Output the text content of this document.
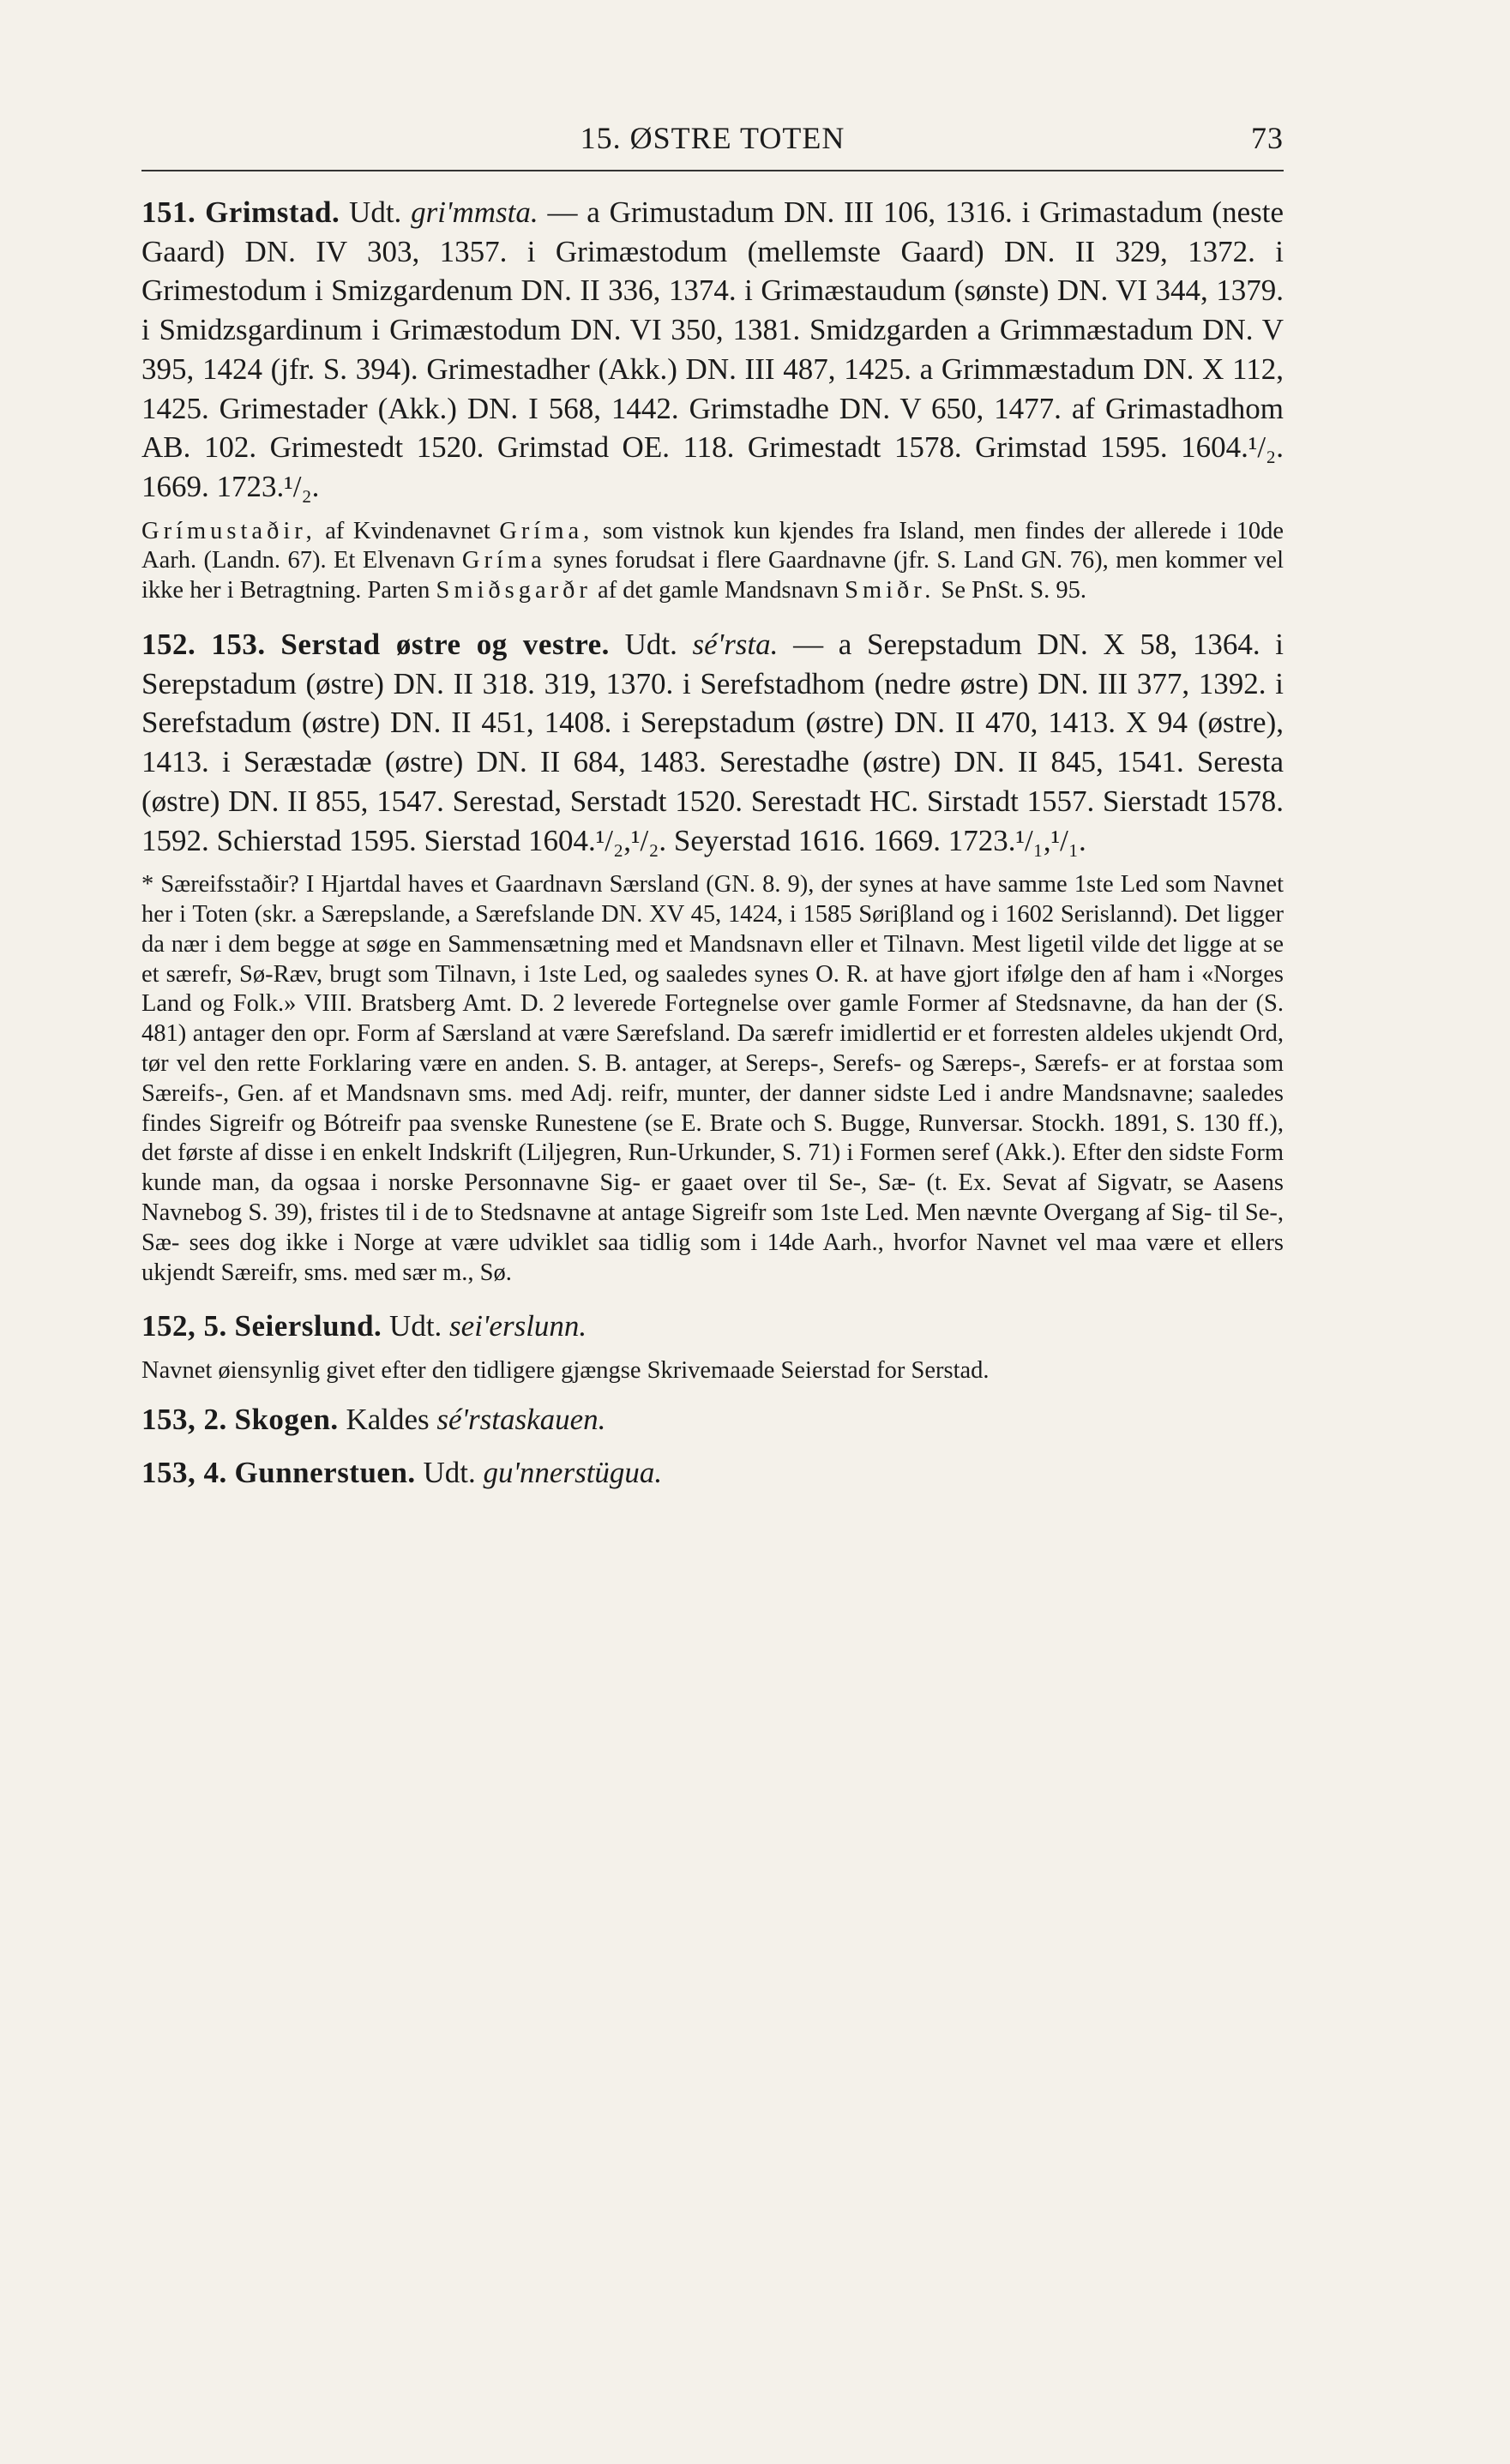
15. ØSTRE TOTEN	73

151. Grimstad. Udt. gri'mmsta. — a Grimustadum DN. III 106, 1316. i Grimastadum (neste Gaard) DN. IV 303, 1357. i Grimæstodum (mellemste Gaard) DN. II 329, 1372. i Grimestodum i Smizgardenum DN. II 336, 1374. i Grimæstaudum (sønste) DN. VI 344, 1379. i Smidzsgardinum i Grimæstodum DN. VI 350, 1381. Smidzgarden a Grimmæstadum DN. V 395, 1424 (jfr. S. 394). Grimestadher (Akk.) DN. III 487, 1425. a Grimmæstadum DN. X 112, 1425. Grimestader (Akk.) DN. I 568, 1442. Grimstadhe DN. V 650, 1477. af Grimastadhom AB. 102. Grimestedt 1520. Grimstad OE. 118. Grimestadt 1578. Grimstad 1595. 1604.¹/₂. 1669. 1723.¹/₂.

Grímustaðir, af Kvindenavnet Gríma, som vistnok kun kjendes fra Island, men findes der allerede i 10de Aarh. (Landn. 67). Et Elvenavn Gríma synes forudsat i flere Gaardnavne (jfr. S. Land GN. 76), men kommer vel ikke her i Betragtning. Parten Smiðsgarðr af det gamle Mandsnavn Smiðr. Se PnSt. S. 95.

152. 153. Serstad østre og vestre. Udt. sé'rsta. — a Serepstadum DN. X 58, 1364. i Serepstadum (østre) DN. II 318. 319, 1370. i Serefstadhom (nedre østre) DN. III 377, 1392. i Serefstadum (østre) DN. II 451, 1408. i Serepstadum (østre) DN. II 470, 1413. X 94 (østre), 1413. i Seræstadæ (østre) DN. II 684, 1483. Serestadhe (østre) DN. II 845, 1541. Seresta (østre) DN. II 855, 1547. Serestad, Serstadt 1520. Serestadt HC. Sirstadt 1557. Sierstadt 1578. 1592. Schierstad 1595. Sierstad 1604.¹/₂,¹/₂. Seyerstad 1616. 1669. 1723.¹/₁,¹/₁.

* Særeifsstaðir? I Hjartdal haves et Gaardnavn Særsland (GN. 8. 9), der synes at have samme 1ste Led som Navnet her i Toten (skr. a Særepslande, a Særefslande DN. XV 45, 1424, i 1585 Søriβland og i 1602 Serislannd). Det ligger da nær i dem begge at søge en Sammensætning med et Mandsnavn eller et Tilnavn. Mest ligetil vilde det ligge at se et særefr, Sø-Ræv, brugt som Tilnavn, i 1ste Led, og saaledes synes O. R. at have gjort ifølge den af ham i «Norges Land og Folk.» VIII. Bratsberg Amt. D. 2 leverede Fortegnelse over gamle Former af Stedsnavne, da han der (S. 481) antager den opr. Form af Særsland at være Særefsland. Da særefr imidlertid er et forresten aldeles ukjendt Ord, tør vel den rette Forklaring være en anden. S. B. antager, at Sereps-, Serefs- og Særeps-, Særefs- er at forstaa som Særeifs-, Gen. af et Mandsnavn sms. med Adj. reifr, munter, der danner sidste Led i andre Mandsnavne; saaledes findes Sigreifr og Bótreifr paa svenske Runestene (se E. Brate och S. Bugge, Runversar. Stockh. 1891, S. 130 ff.), det første af disse i en enkelt Indskrift (Liljegren, Run-Urkunder, S. 71) i Formen seref (Akk.). Efter den sidste Form kunde man, da ogsaa i norske Personnavne Sig- er gaaet over til Se-, Sæ- (t. Ex. Sevat af Sigvatr, se Aasens Navnebog S. 39), fristes til i de to Stedsnavne at antage Sigreifr som 1ste Led. Men nævnte Overgang af Sig- til Se-, Sæ- sees dog ikke i Norge at være udviklet saa tidlig som i 14de Aarh., hvorfor Navnet vel maa være et ellers ukjendt Særeifr, sms. med sær m., Sø.

152, 5. Seierslund. Udt. sei'erslunn.

Navnet øiensynlig givet efter den tidligere gjængse Skrivemaade Seierstad for Serstad.

153, 2. Skogen. Kaldes sé'rstaskauen.

153, 4. Gunnerstuen. Udt. gu'nnerstügua.
